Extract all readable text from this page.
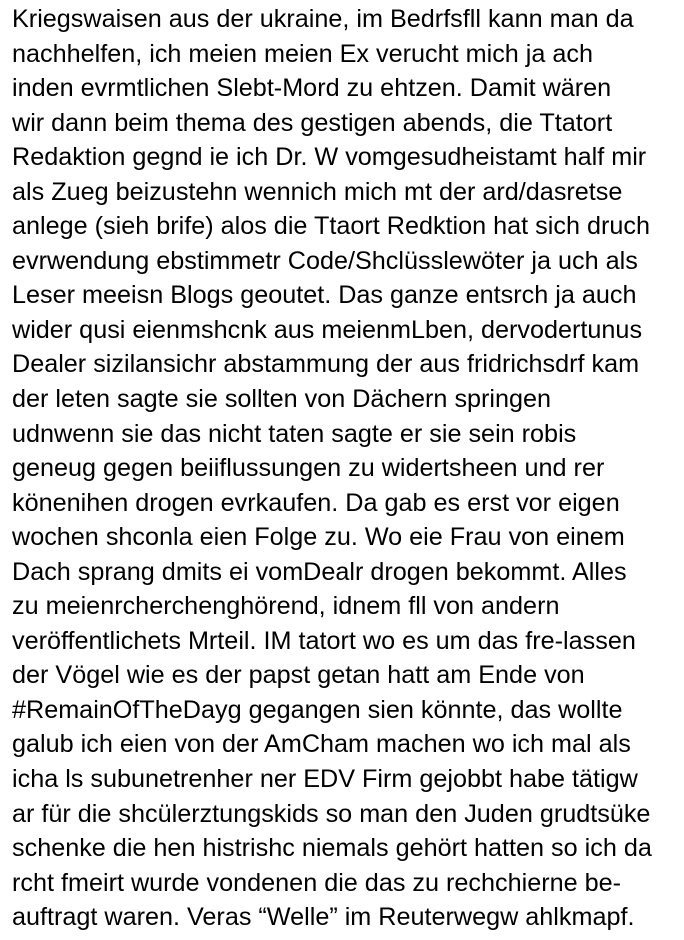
Kriegswaisen aus der ukraine, im Bedrfsfll kann man da
nachhelfen, ich meien meien Ex verucht mich ja ach
inden evrmtlichen Slebt-Mord zu ehtzen. Damit wären
wir dann beim thema des gestigen abends, die Ttatort
Redaktion gegnd ie ich Dr. W vomgesudheistamt half mir
als Zueg beizustehn wennich mich mt der ard/dasretse
anlege (sieh brife) alos die Ttaort Redktion hat sich druch
evrwendung ebstimmetr Code/Shclüsslewöter ja uch als
Leser meeisn Blogs geoutet. Das ganze entsrch ja auch
wider qusi eienmshcnk aus meienmLben, dervodertunus
Dealer sizilansichr abstammung der aus fridrichsdrf kam
der leten sagte sie sollten von Dächern springen
udnwenn sie das nicht taten sagte er sie sein robis
geneug gegen beiiflussungen zu widertsheen und rer
könenihen drogen evrkaufen. Da gab es erst vor eigen
wochen shconla eien Folge zu. Wo eie Frau von einem
Dach sprang dmits ei vomDealr drogen bekommt. Alles
zu meienrcherchenghörend, idnem fll von andern
veröffentlichets Mrteil. IM tatort wo es um das fre-lassen
der Vögel wie es der papst getan hatt am Ende von
#RemainOfTheDayg gegangen sien könnte, das wollte
galub ich eien von der AmCham machen wo ich mal als
icha ls subunetrenher ner EDV Firm gejobbt habe tätigw
ar für die shcülerztungskids so man den Juden grudtsüke
schenke die hen histrishc niemals gehört hatten so ich da
rcht fmeirt wurde vondenen die das zu rechchierne be-
auftragt waren. Veras “Welle” im Reuterwegw ahlkmapf.
